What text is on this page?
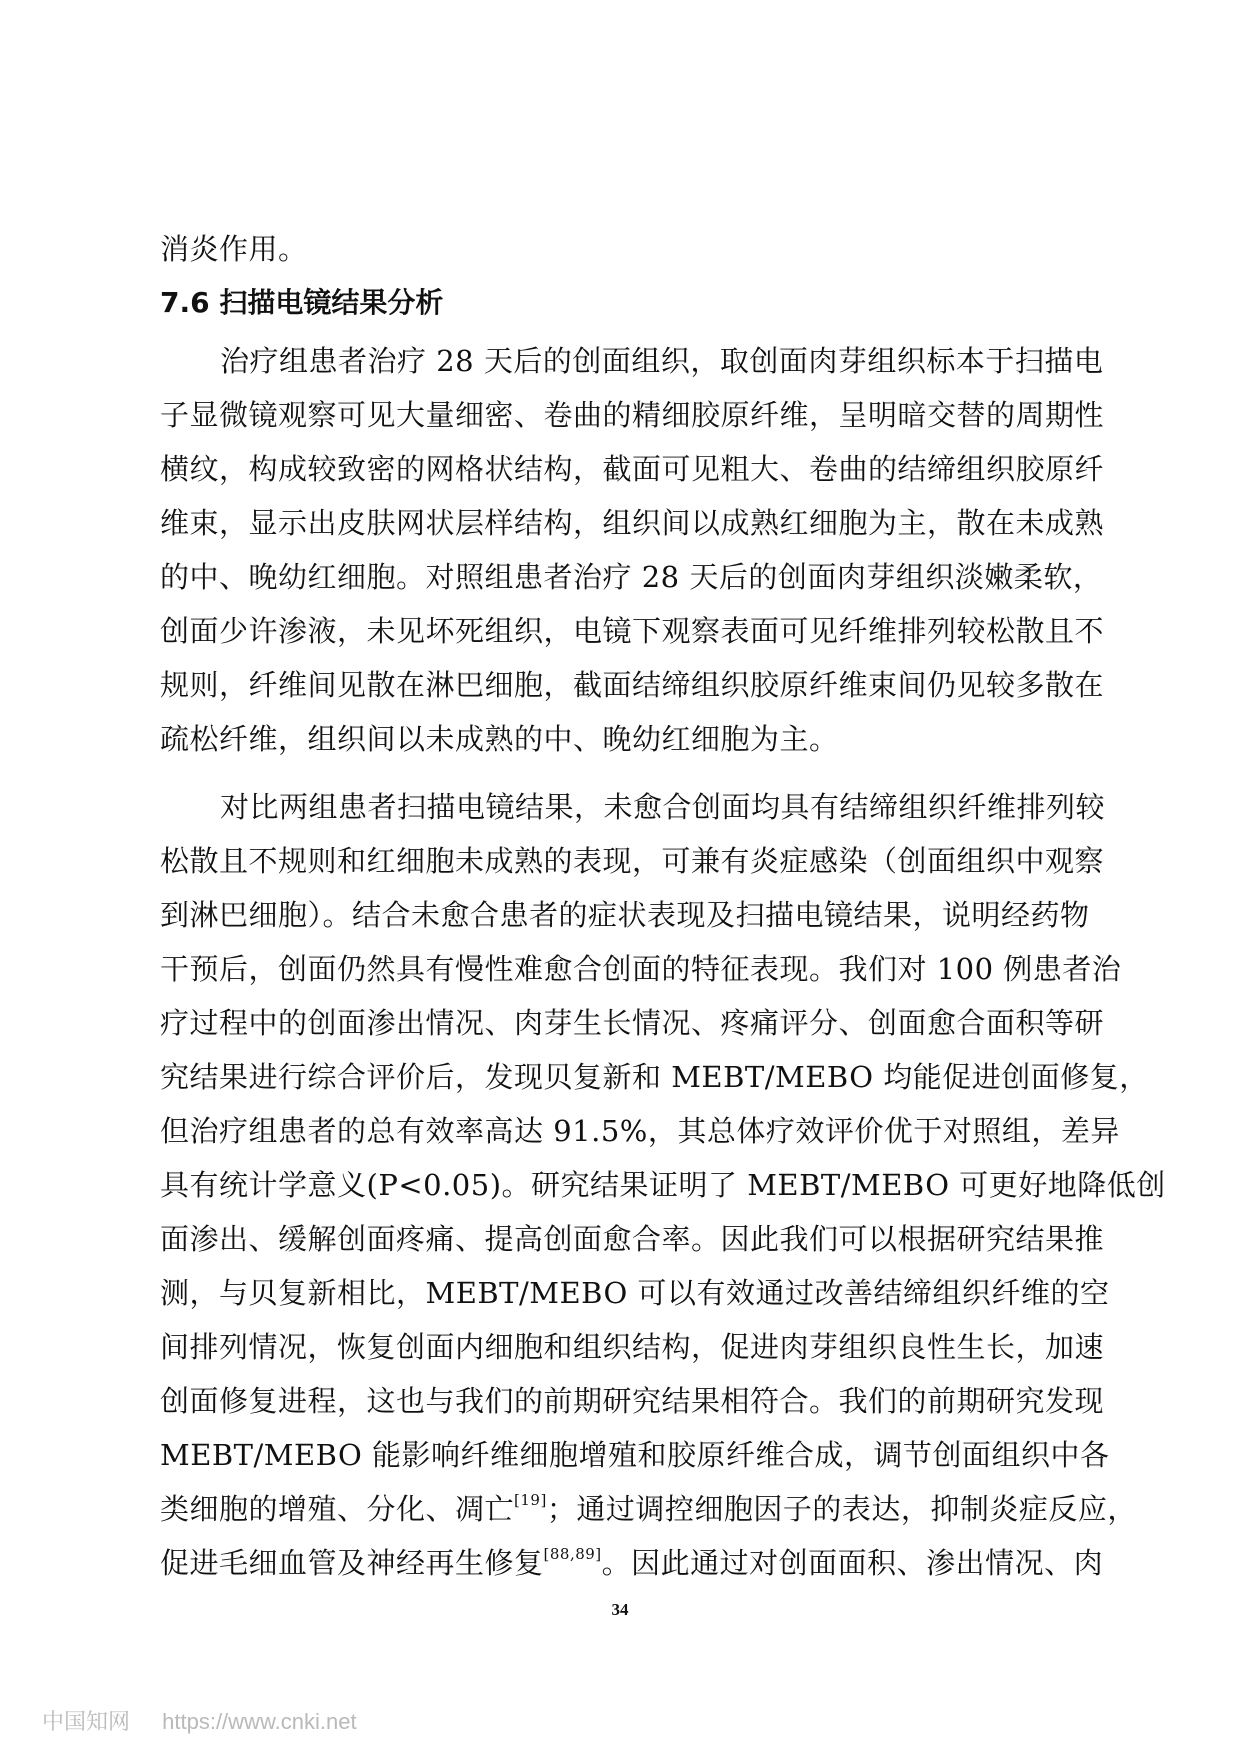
消炎作用。
7.6 扫描电镜结果分析
治疗组患者治疗 28 天后的创面组织，取创面肉芽组织标本于扫描电
子显微镜观察可见大量细密、卷曲的精细胶原纤维，呈明暗交替的周期性
横纹，构成较致密的网格状结构，截面可见粗大、卷曲的结缔组织胶原纤
维束，显示出皮肤网状层样结构，组织间以成熟红细胞为主，散在未成熟
的中、晚幼红细胞。对照组患者治疗 28 天后的创面肉芽组织淡嫩柔软，
创面少许渗液，未见坏死组织，电镜下观察表面可见纤维排列较松散且不
规则，纤维间见散在淋巴细胞，截面结缔组织胶原纤维束间仍见较多散在
疏松纤维，组织间以未成熟的中、晚幼红细胞为主。
对比两组患者扫描电镜结果，未愈合创面均具有结缔组织纤维排列较
松散且不规则和红细胞未成熟的表现，可兼有炎症感染（创面组织中观察
到淋巴细胞）。结合未愈合患者的症状表现及扫描电镜结果，说明经药物
干预后，创面仍然具有慢性难愈合创面的特征表现。我们对 100 例患者治
疗过程中的创面渗出情况、肉芽生长情况、疼痛评分、创面愈合面积等研
究结果进行综合评价后，发现贝复新和 MEBT/MEBO 均能促进创面修复，
但治疗组患者的总有效率高达 91.5%，其总体疗效评价优于对照组，差异
具有统计学意义(P<0.05)。研究结果证明了 MEBT/MEBO 可更好地降低创
面渗出、缓解创面疼痛、提高创面愈合率。因此我们可以根据研究结果推
测，与贝复新相比，MEBT/MEBO 可以有效通过改善结缔组织纤维的空
间排列情况，恢复创面内细胞和组织结构，促进肉芽组织良性生长，加速
创面修复进程，这也与我们的前期研究结果相符合。我们的前期研究发现
MEBT/MEBO 能影响纤维细胞增殖和胶原纤维合成，调节创面组织中各
类细胞的增殖、分化、凋亡[19]；通过调控细胞因子的表达，抑制炎症反应，
促进毛细血管及神经再生修复[88,89]。因此通过对创面面积、渗出情况、肉
34
中国知网 https://www.cnki.net
